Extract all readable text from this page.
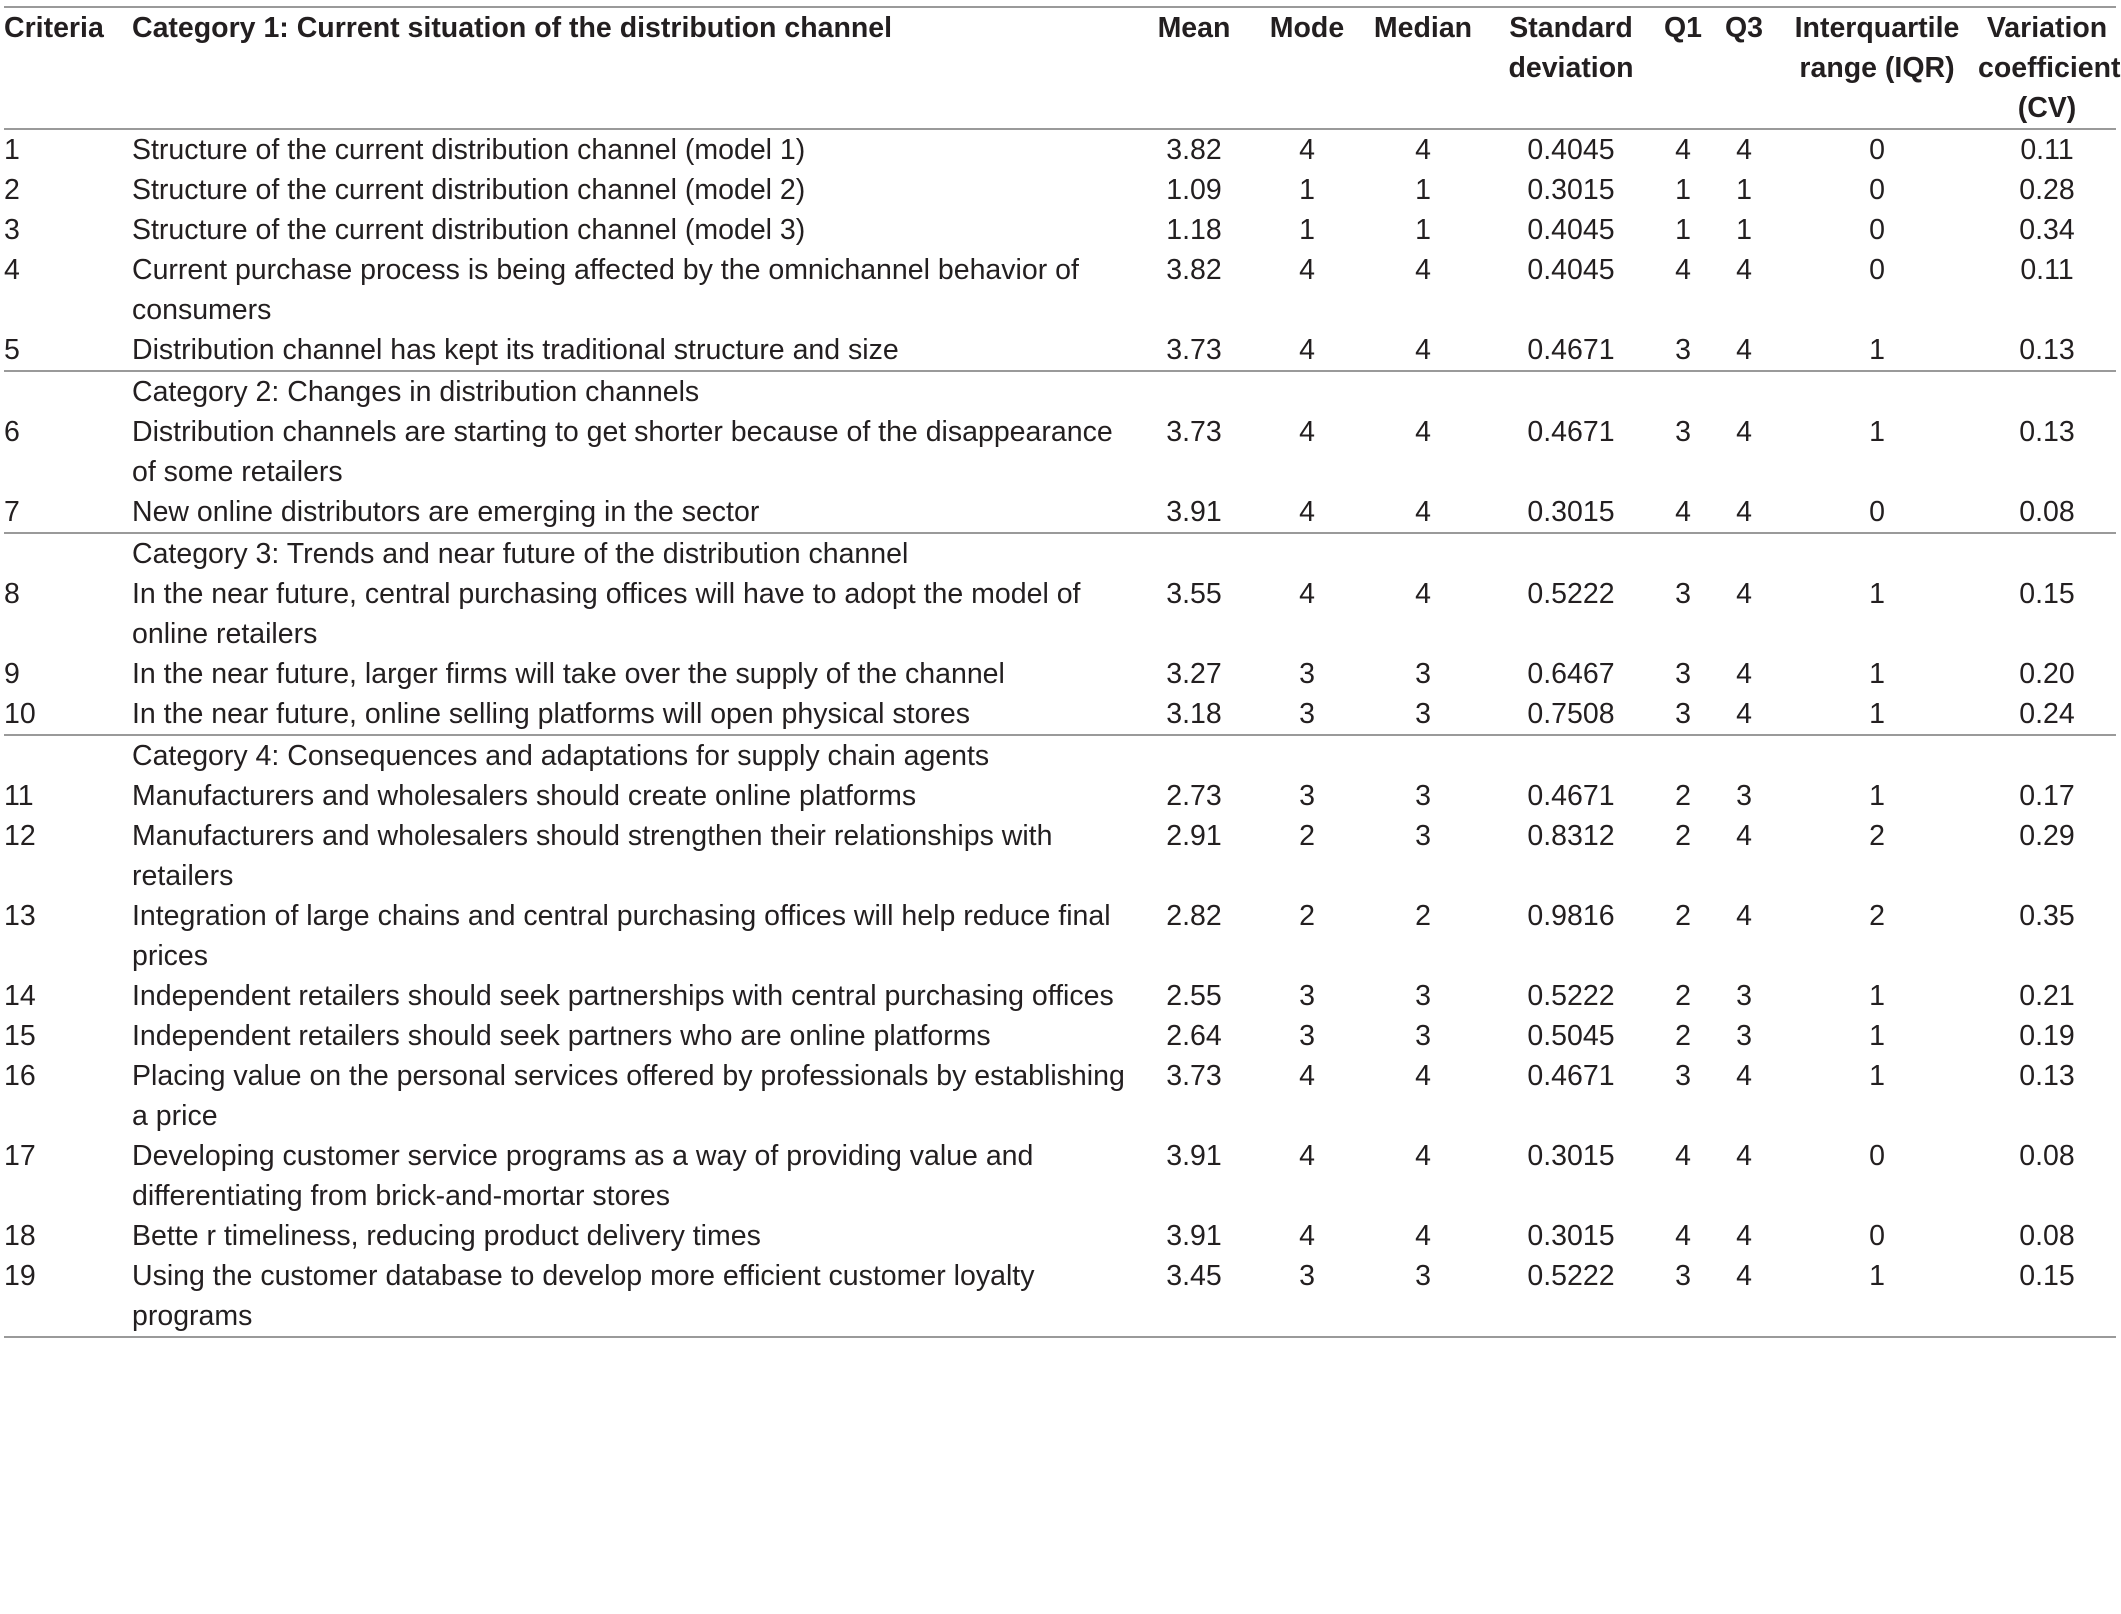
Criteria	Category 1: Current situation of the distribution channel	Mean	Mode	Median	Standard deviation	Q1	Q3	Interquartile range (IQR)	Variation coefficient (CV)
1	Structure of the current distribution channel (model 1)	3.82	4	4	0.4045	4	4	0	0.11
2	Structure of the current distribution channel (model 2)	1.09	1	1	0.3015	1	1	0	0.28
3	Structure of the current distribution channel (model 3)	1.18	1	1	0.4045	1	1	0	0.34
4	Current purchase process is being affected by the omnichannel behavior of consumers	3.82	4	4	0.4045	4	4	0	0.11
5	Distribution channel has kept its traditional structure and size	3.73	4	4	0.4671	3	4	1	0.13
	Category 2: Changes in distribution channels								
6	Distribution channels are starting to get shorter because of the disappearance of some retailers	3.73	4	4	0.4671	3	4	1	0.13
7	New online distributors are emerging in the sector	3.91	4	4	0.3015	4	4	0	0.08
	Category 3: Trends and near future of the distribution channel								
8	In the near future, central purchasing offices will have to adopt the model of online retailers	3.55	4	4	0.5222	3	4	1	0.15
9	In the near future, larger firms will take over the supply of the channel	3.27	3	3	0.6467	3	4	1	0.20
10	In the near future, online selling platforms will open physical stores	3.18	3	3	0.7508	3	4	1	0.24
	Category 4: Consequences and adaptations for supply chain agents								
11	Manufacturers and wholesalers should create online platforms	2.73	3	3	0.4671	2	3	1	0.17
12	Manufacturers and wholesalers should strengthen their relationships with retailers	2.91	2	3	0.8312	2	4	2	0.29
13	Integration of large chains and central purchasing offices will help reduce final prices	2.82	2	2	0.9816	2	4	2	0.35
14	Independent retailers should seek partnerships with central purchasing offices	2.55	3	3	0.5222	2	3	1	0.21
15	Independent retailers should seek partners who are online platforms	2.64	3	3	0.5045	2	3	1	0.19
16	Placing value on the personal services offered by professionals by establishing a price	3.73	4	4	0.4671	3	4	1	0.13
17	Developing customer service programs as a way of providing value and differentiating from brick-and-mortar stores	3.91	4	4	0.3015	4	4	0	0.08
18	Bette r timeliness, reducing product delivery times	3.91	4	4	0.3015	4	4	0	0.08
19	Using the customer database to develop more efficient customer loyalty programs	3.45	3	3	0.5222	3	4	1	0.15
